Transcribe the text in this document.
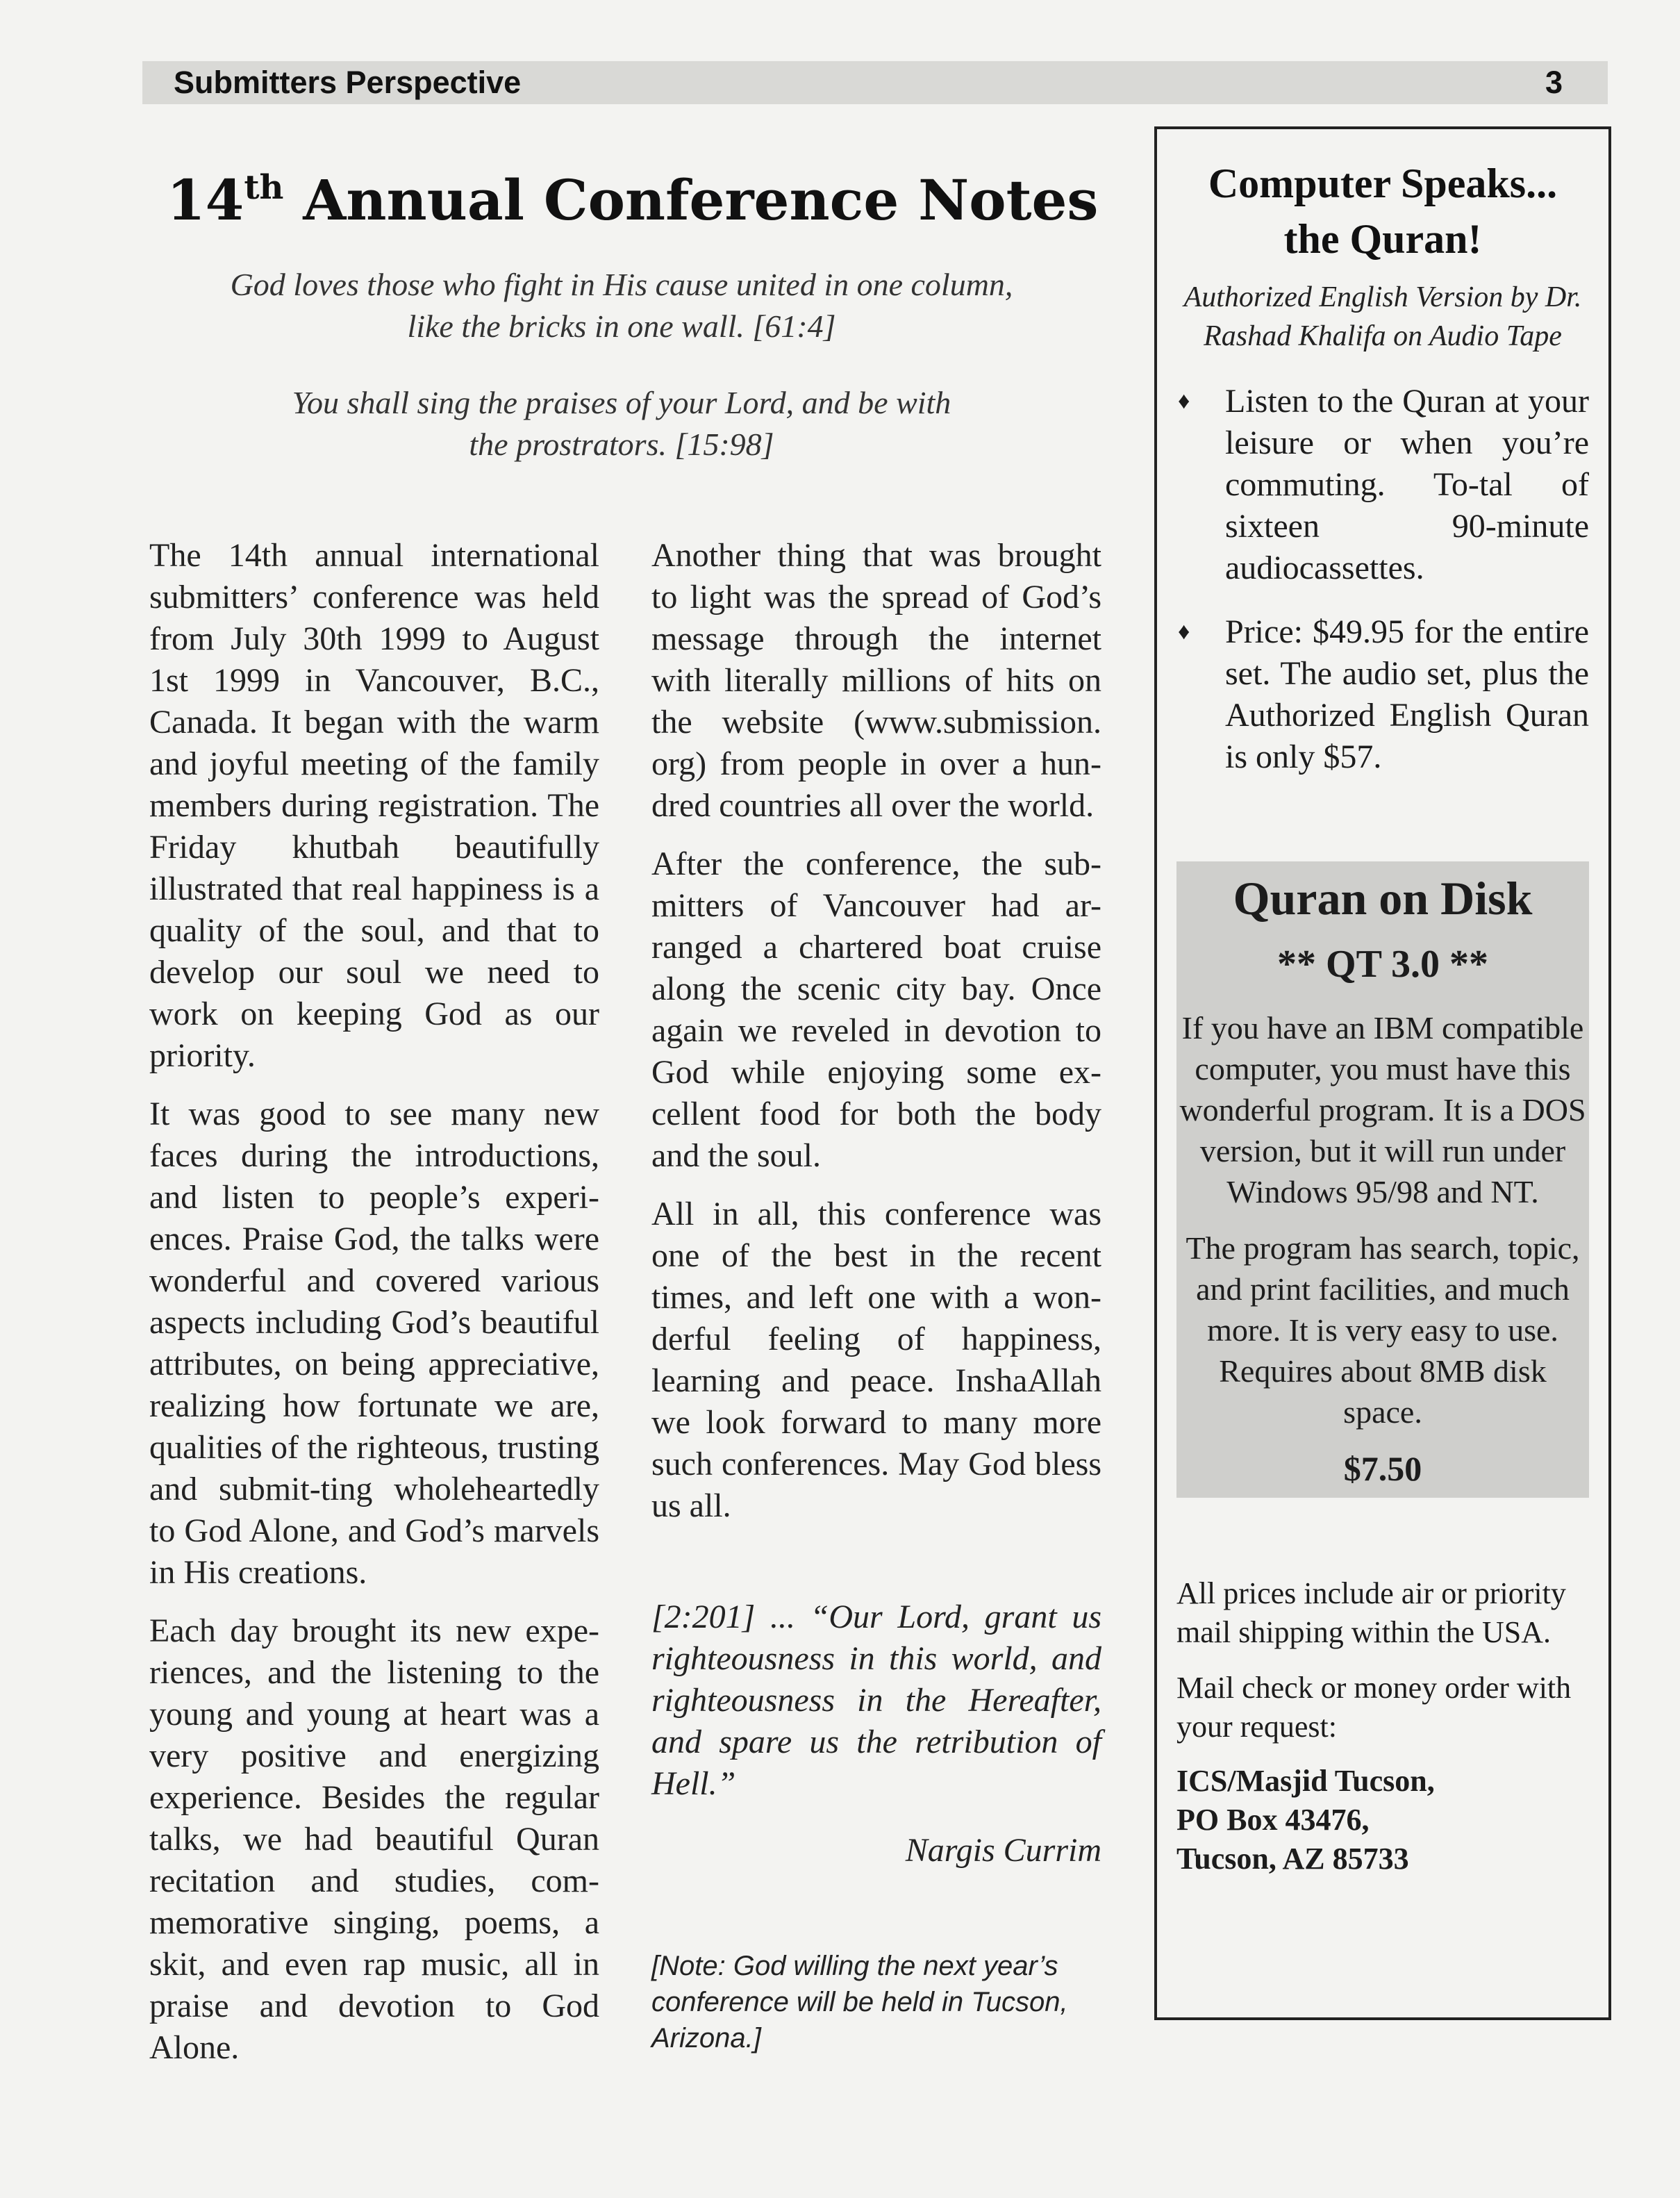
Submitters Perspective	3
14th Annual Conference Notes

God loves those who fight in His cause united in one column,
like the bricks in one wall. [61:4]

You shall sing the praises of your Lord, and be with
the prostrators. [15:98]

The 14th annual international submitters’ conference was held from July 30th 1999 to August 1st 1999 in Vancouver, B.C., Canada. It began with the warm and joyful meeting of the family members during registration. The Friday khutbah beautifully illustrated that real happiness is a quality of the soul, and that to develop our soul we need to work on keeping God as our priority.

It was good to see many new faces during the introductions, and listen to people’s experi-ences. Praise God, the talks were wonderful and covered various aspects including God’s beautiful attributes, on being appreciative, realizing how fortunate we are, qualities of the righteous, trusting and submit-ting wholeheartedly to God Alone, and God’s marvels in His creations.

Each day brought its new expe-riences, and the listening to the young and young at heart was a very positive and energizing experience. Besides the regular talks, we had beautiful Quran recitation and studies, com-memorative singing, poems, a skit, and even rap music, all in praise and devotion to God Alone.

Another thing that was brought to light was the spread of God’s message through the internet with literally millions of hits on the website (www.submission. org) from people in over a hun-dred countries all over the world.

After the conference, the sub-mitters of Vancouver had ar-ranged a chartered boat cruise along the scenic city bay. Once again we reveled in devotion to God while enjoying some ex-cellent food for both the body and the soul.

All in all, this conference was one of the best in the recent times, and left one with a won-derful feeling of happiness, learning and peace. InshaAllah we look forward to many more such conferences. May God bless us all.

[2:201] ... “Our Lord, grant us righteousness in this world, and righteousness in the Hereafter, and spare us the retribution of Hell.”

Nargis Currim

[Note: God willing the next year’s conference will be held in Tucson, Arizona.]

Computer Speaks...
the Quran!

Authorized English Version by Dr. Rashad Khalifa on Audio Tape

♦ Listen to the Quran at your leisure or when you’re commuting. To-tal of sixteen 90-minute audiocassettes.
♦ Price: $49.95 for the entire set. The audio set, plus the Authorized English Quran is only $57.

Quran on Disk

** QT 3.0 **

If you have an IBM compatible computer, you must have this wonderful program. It is a DOS version, but it will run under Windows 95/98 and NT.

The program has search, topic, and print facilities, and much more. It is very easy to use. Requires about 8MB disk space.

$7.50

All prices include air or priority mail shipping within the USA.

Mail check or money order with your request:

ICS/Masjid Tucson,
PO Box 43476,
Tucson, AZ 85733
